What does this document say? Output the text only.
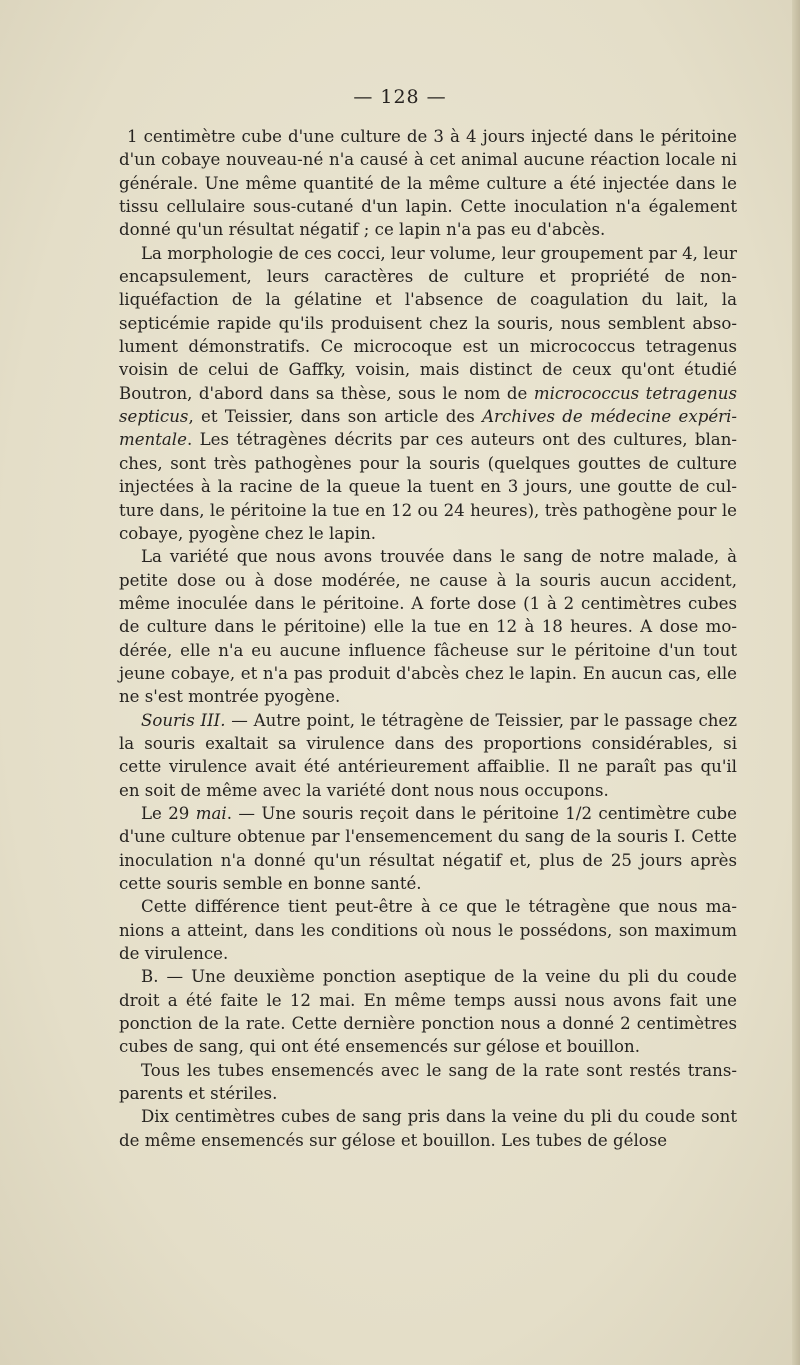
— 128 —

1 centimètre cube d'une culture de 3 à 4 jours injecté dans le péritoine d'un cobaye nouveau-né n'a causé à cet animal aucune réaction locale ni générale. Une même quantité de la même culture a été injectée dans le tissu cellulaire sous-cutané d'un lapin. Cette inoculation n'a également donné qu'un résultat négatif ; ce lapin n'a pas eu d'abcès.

La morphologie de ces cocci, leur volume, leur groupement par 4, leur encapsulement, leurs caractères de culture et propriété de non-liquéfaction de la gélatine et l'absence de coagulation du lait, la septicémie rapide qu'ils produisent chez la souris, nous semblent absolument démonstratifs. Ce microcoque est un micrococcus tetragenus voisin de celui de Gaffky, voisin, mais distinct de ceux qu'ont étudié Boutron, d'abord dans sa thèse, sous le nom de micrococcus tetragenus septicus, et Teissier, dans son article des Archives de médecine expérimentale. Les tétragènes décrits par ces auteurs ont des cultures, blanches, sont très pathogènes pour la souris (quelques gouttes de culture injectées à la racine de la queue la tuent en 3 jours, une goutte de culture dans, le péritoine la tue en 12 ou 24 heures), très pathogène pour le cobaye, pyogène chez le lapin.

La variété que nous avons trouvée dans le sang de notre malade, à petite dose ou à dose modérée, ne cause à la souris aucun accident, même inoculée dans le péritoine. A forte dose (1 à 2 centimètres cubes de culture dans le péritoine) elle la tue en 12 à 18 heures. A dose modérée, elle n'a eu aucune influence fâcheuse sur le péritoine d'un tout jeune cobaye, et n'a pas produit d'abcès chez le lapin. En aucun cas, elle ne s'est montrée pyogène.

Souris III. — Autre point, le tétragène de Teissier, par le passage chez la souris exaltait sa virulence dans des proportions considérables, si cette virulence avait été antérieurement affaiblie. Il ne paraît pas qu'il en soit de même avec la variété dont nous nous occupons.

Le 29 mai. — Une souris reçoit dans le péritoine 1/2 centimètre cube d'une culture obtenue par l'ensemencement du sang de la souris I. Cette inoculation n'a donné qu'un résultat négatif et, plus de 25 jours après cette souris semble en bonne santé.

Cette différence tient peut-être à ce que le tétragène que nous manions a atteint, dans les conditions où nous le possédons, son maximum de virulence.

B. — Une deuxième ponction aseptique de la veine du pli du coude droit a été faite le 12 mai. En même temps aussi nous avons fait une ponction de la rate. Cette dernière ponction nous a donné 2 centimètres cubes de sang, qui ont été ensemencés sur gélose et bouillon.

Tous les tubes ensemencés avec le sang de la rate sont restés transparents et stériles.

Dix centimètres cubes de sang pris dans la veine du pli du coude sont de même ensemencés sur gélose et bouillon. Les tubes de gélose
